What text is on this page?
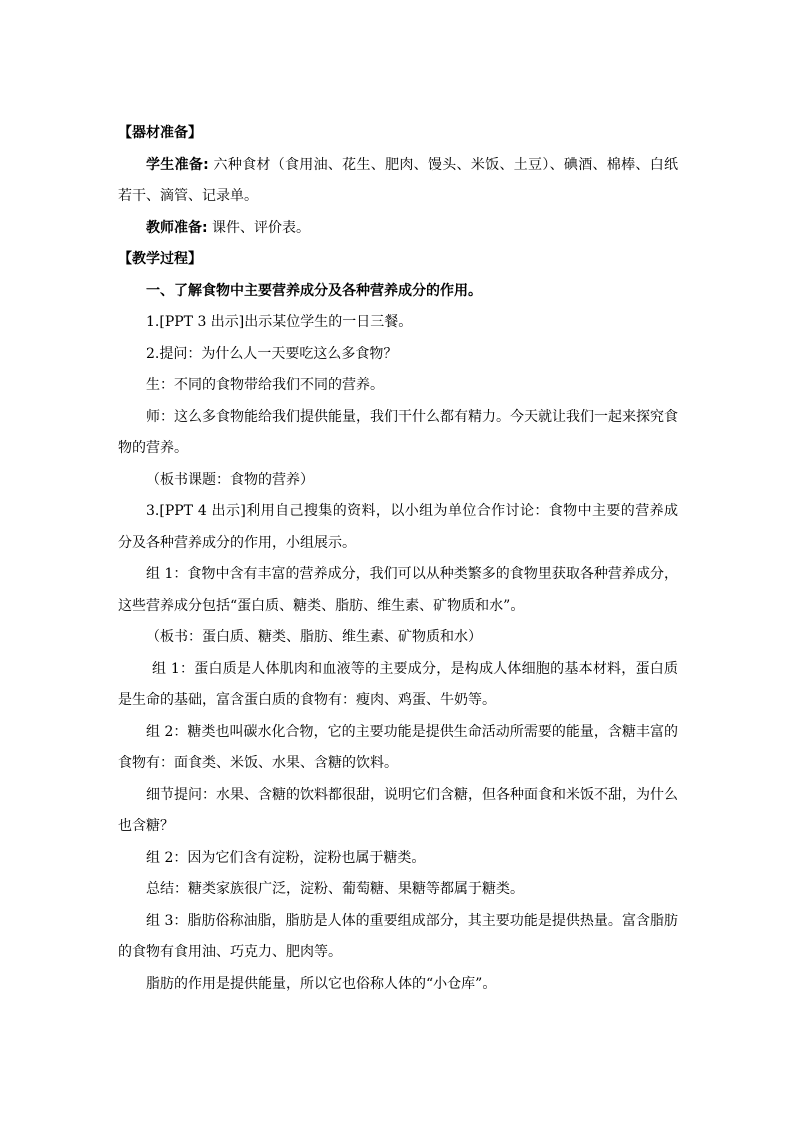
【器材准备】

学生准备: 六种食材（食用油、花生、肥肉、馒头、米饭、土豆）、碘酒、棉棒、白纸若干、滴管、记录单。

教师准备: 课件、评价表。

【教学过程】

一、了解食物中主要营养成分及各种营养成分的作用。

1.[PPT 3 出示]出示某位学生的一日三餐。

2.提问：为什么人一天要吃这么多食物？

生：不同的食物带给我们不同的营养。

师：这么多食物能给我们提供能量，我们干什么都有精力。今天就让我们一起来探究食物的营养。

（板书课题：食物的营养）

3.[PPT 4 出示]利用自己搜集的资料，以小组为单位合作讨论：食物中主要的营养成分及各种营养成分的作用，小组展示。

组 1：食物中含有丰富的营养成分，我们可以从种类繁多的食物里获取各种营养成分，这些营养成分包括“蛋白质、糖类、脂肪、维生素、矿物质和水”。

（板书：蛋白质、糖类、脂肪、维生素、矿物质和水）

组 1：蛋白质是人体肌肉和血液等的主要成分，是构成人体细胞的基本材料，蛋白质是生命的基础，富含蛋白质的食物有：瘦肉、鸡蛋、牛奶等。

组 2：糖类也叫碳水化合物，它的主要功能是提供生命活动所需要的能量，含糖丰富的食物有：面食类、米饭、水果、含糖的饮料。

细节提问：水果、含糖的饮料都很甜，说明它们含糖，但各种面食和米饭不甜，为什么也含糖？

组 2：因为它们含有淀粉，淀粉也属于糖类。

总结：糖类家族很广泛，淀粉、葡萄糖、果糖等都属于糖类。

组 3：脂肪俗称油脂，脂肪是人体的重要组成部分，其主要功能是提供热量。富含脂肪的食物有食用油、巧克力、肥肉等。

脂肪的作用是提供能量，所以它也俗称人体的“小仓库”。
